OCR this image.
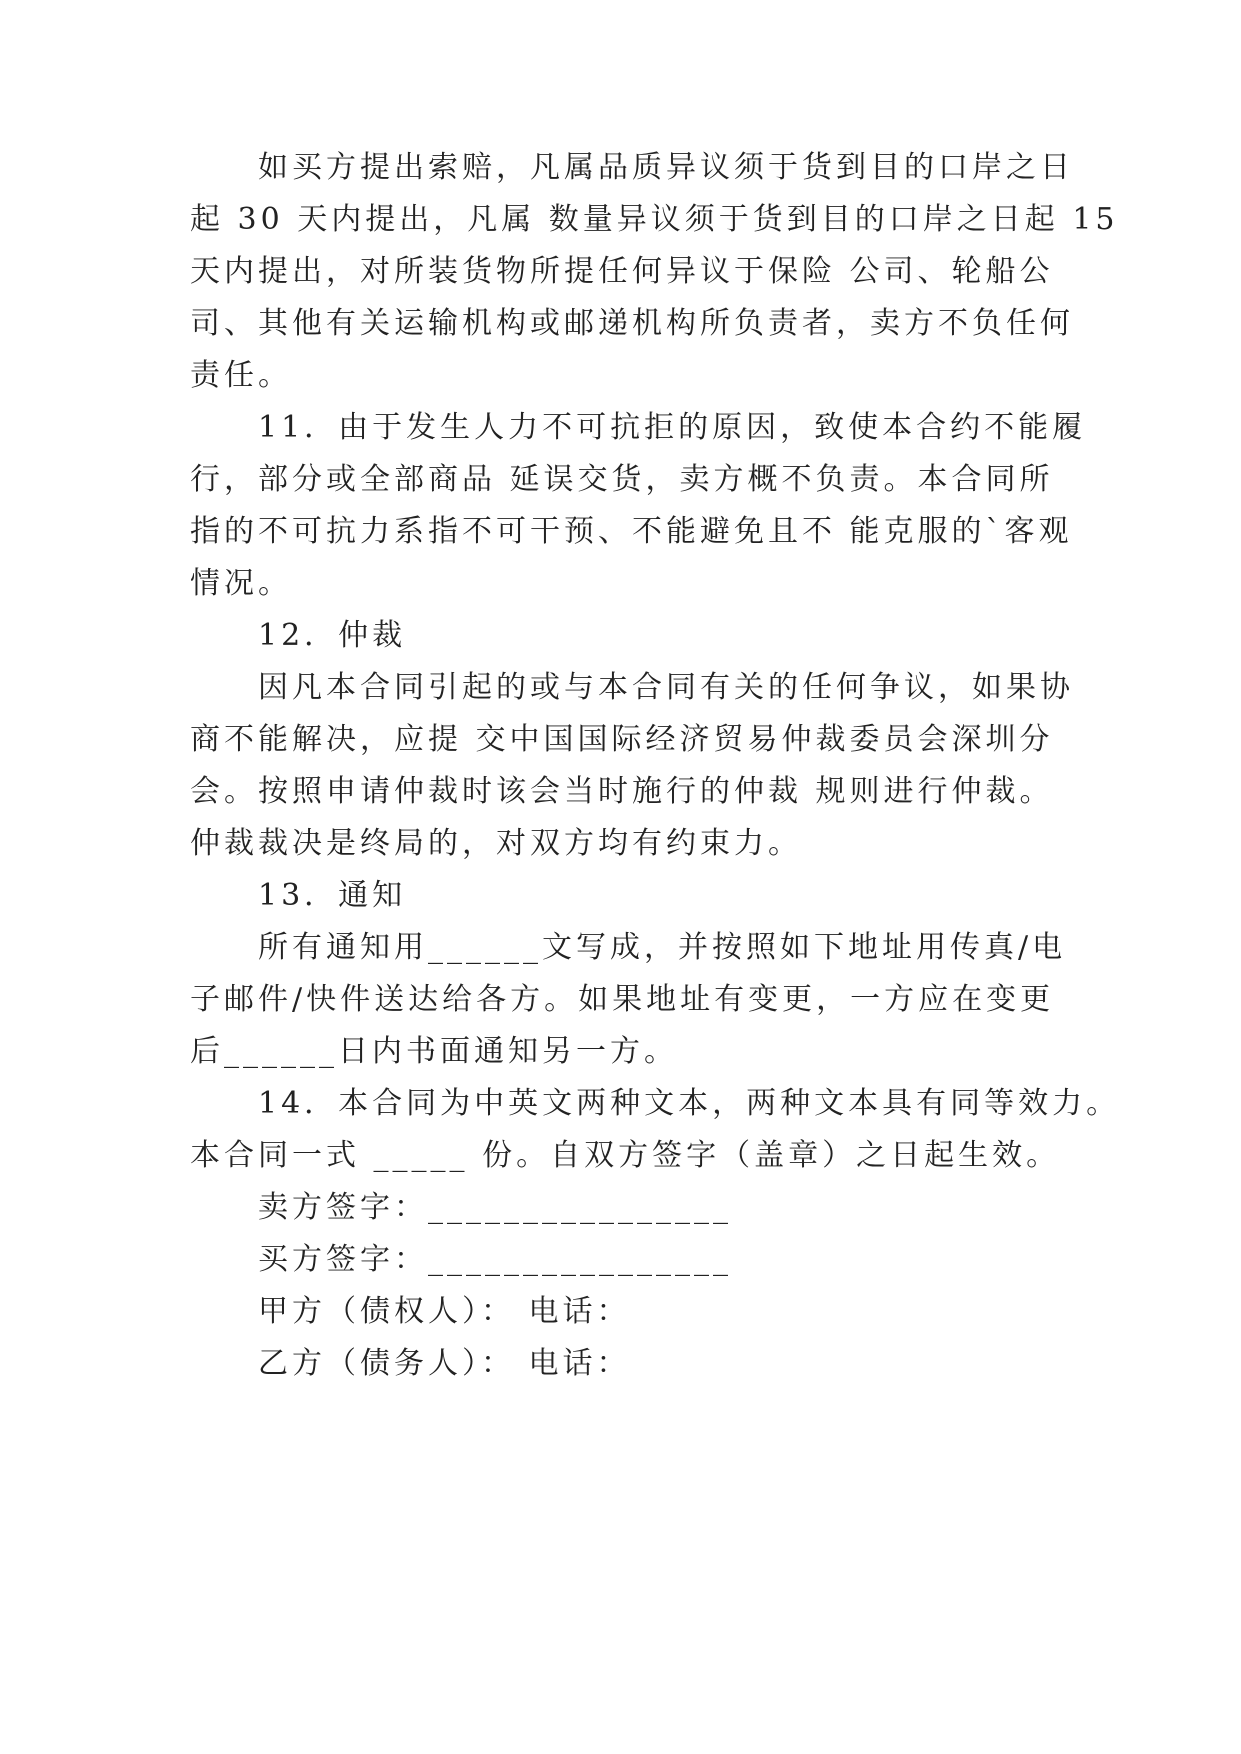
如买方提出索赔，凡属品质异议须于货到目的口岸之日
起 30 天内提出，凡属 数量异议须于货到目的口岸之日起 15
天内提出，对所装货物所提任何异议于保险 公司、轮船公
司、其他有关运输机构或邮递机构所负责者，卖方不负任何
责任。
11．由于发生人力不可抗拒的原因，致使本合约不能履
行，部分或全部商品 延误交货，卖方概不负责。本合同所
指的不可抗力系指不可干预、不能避免且不 能克服的`客观
情况。
12．仲裁
因凡本合同引起的或与本合同有关的任何争议，如果协
商不能解决，应提 交中国国际经济贸易仲裁委员会深圳分
会。按照申请仲裁时该会当时施行的仲裁 规则进行仲裁。
仲裁裁决是终局的，对双方均有约束力。
13．通知
所有通知用______文写成，并按照如下地址用传真/电
子邮件/快件送达给各方。如果地址有变更，一方应在变更
后______日内书面通知另一方。
14．本合同为中英文两种文本，两种文本具有同等效力。
本合同一式 _____ 份。自双方签字（盖章）之日起生效。
卖方签字：________________
买方签字：________________
甲方（债权人）： 电话：
乙方（债务人）： 电话：
